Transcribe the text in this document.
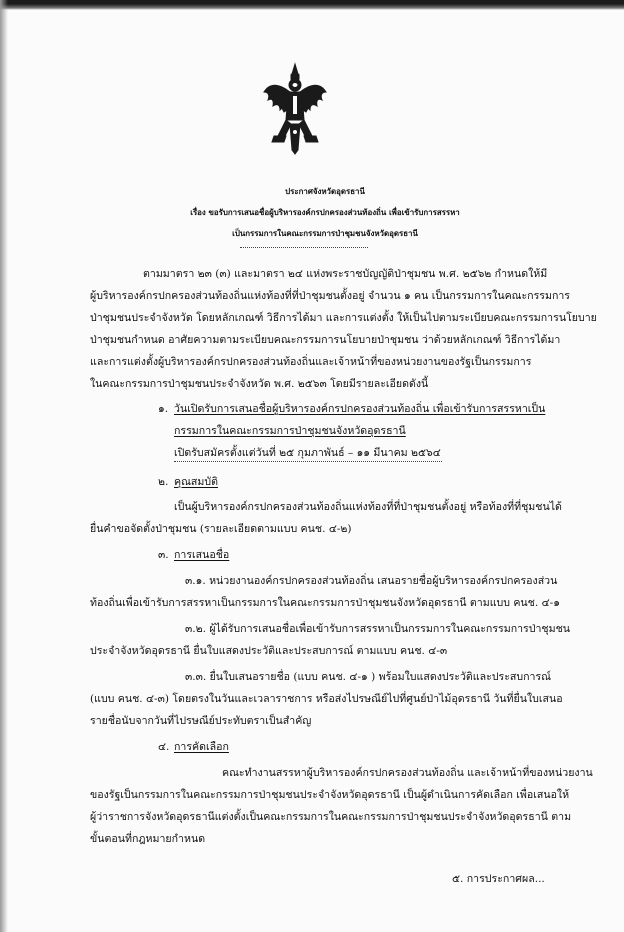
ประกาศจังหวัดอุดรธานี
เรื่อง ขอรับการเสนอชื่อผู้บริหารองค์กรปกครองส่วนท้องถิ่น เพื่อเข้ารับการสรรหา
เป็นกรรมการในคณะกรรมการป่าชุมชนจังหวัดอุดรธานี
ตามมาตรา ๒๓ (๓) และมาตรา ๒๔ แห่งพระราชบัญญัติป่าชุมชน พ.ศ. ๒๕๖๒ กำหนดให้มี
ผู้บริหารองค์กรปกครองส่วนท้องถิ่นแห่งท้องที่ที่ป่าชุมชนตั้งอยู่ จำนวน ๑ คน เป็นกรรมการในคณะกรรมการ
ป่าชุมชนประจำจังหวัด โดยหลักเกณฑ์ วิธีการได้มา และการแต่งตั้ง ให้เป็นไปตามระเบียบคณะกรรมการนโยบาย
ป่าชุมชนกำหนด อาศัยความตามระเบียบคณะกรรมการนโยบายป่าชุมชน ว่าด้วยหลักเกณฑ์ วิธีการได้มา
และการแต่งตั้งผู้บริหารองค์กรปกครองส่วนท้องถิ่นและเจ้าหน้าที่ของหน่วยงานของรัฐเป็นกรรมการ
ในคณะกรรมการป่าชุมชนประจำจังหวัด พ.ศ. ๒๕๖๓ โดยมีรายละเอียดดังนี้
๑. วันเปิดรับการเสนอชื่อผู้บริหารองค์กรปกครองส่วนท้องถิ่น เพื่อเข้ารับการสรรหาเป็น
กรรมการในคณะกรรมการป่าชุมชนจังหวัดอุดรธานี
เปิดรับสมัครตั้งแต่วันที่ ๒๕ กุมภาพันธ์ – ๑๑ มีนาคม ๒๕๖๔
๒. คุณสมบัติ
เป็นผู้บริหารองค์กรปกครองส่วนท้องถิ่นแห่งท้องที่ที่ป่าชุมชนตั้งอยู่ หรือท้องที่ที่ชุมชนได้
ยื่นคำขอจัดตั้งป่าชุมชน (รายละเอียดตามแบบ คนช. ๔-๒)
๓. การเสนอชื่อ
๓.๑. หน่วยงานองค์กรปกครองส่วนท้องถิ่น เสนอรายชื่อผู้บริหารองค์กรปกครองส่วน
ท้องถิ่นเพื่อเข้ารับการสรรหาเป็นกรรมการในคณะกรรมการป่าชุมชนจังหวัดอุดรธานี ตามแบบ คนช. ๔-๑
๓.๒. ผู้ได้รับการเสนอชื่อเพื่อเข้ารับการสรรหาเป็นกรรมการในคณะกรรมการป่าชุมชน
ประจำจังหวัดอุดรธานี ยื่นใบแสดงประวัติและประสบการณ์ ตามแบบ คนช. ๔-๓
๓.๓. ยื่นใบเสนอรายชื่อ (แบบ คนช. ๔-๑ ) พร้อมใบแสดงประวัติและประสบการณ์
(แบบ คนช. ๔-๓) โดยตรงในวันและเวลาราชการ หรือส่งไปรษณีย์ไปที่ศูนย์ป่าไม้อุดรธานี วันที่ยื่นใบเสนอ
รายชื่อนับจากวันที่ไปรษณีย์ประทับตราเป็นสำคัญ
๔. การคัดเลือก
คณะทำงานสรรหาผู้บริหารองค์กรปกครองส่วนท้องถิ่น และเจ้าหน้าที่ของหน่วยงาน
ของรัฐเป็นกรรมการในคณะกรรมการป่าชุมชนประจำจังหวัดอุดรธานี เป็นผู้ดำเนินการคัดเลือก เพื่อเสนอให้
ผู้ว่าราชการจังหวัดอุดรธานีแต่งตั้งเป็นคณะกรรมการในคณะกรรมการป่าชุมชนประจำจังหวัดอุดรธานี ตาม
ขั้นตอนที่กฎหมายกำหนด
๕. การประกาศผล...
